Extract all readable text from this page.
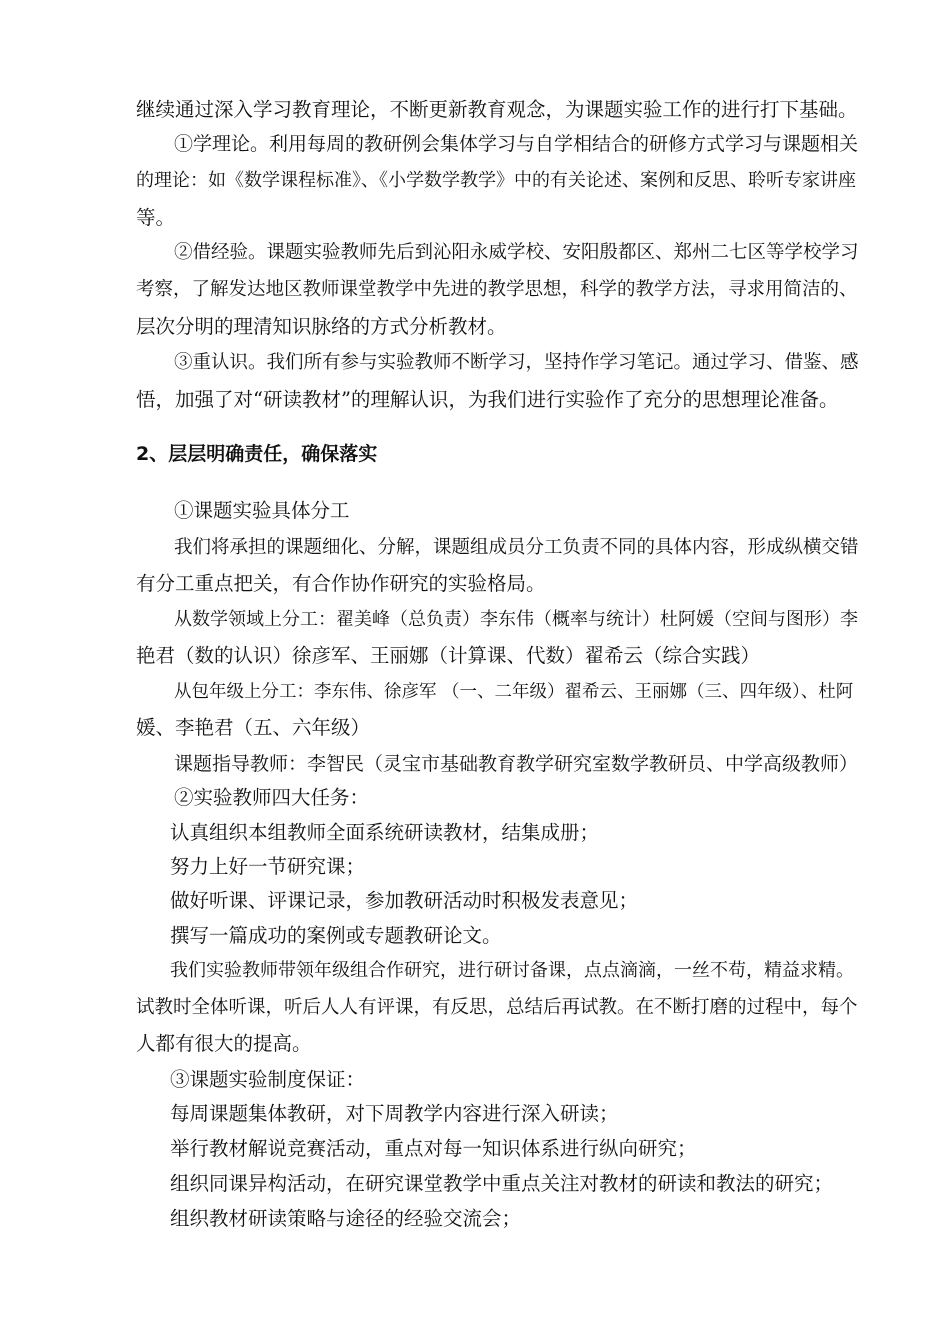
继续通过深入学习教育理论，不断更新教育观念，为课题实验工作的进行打下基础。
①学理论。利用每周的教研例会集体学习与自学相结合的研修方式学习与课题相关
的理论：如《数学课程标准》、《小学数学教学》中的有关论述、案例和反思、聆听专家讲座
等。
②借经验。课题实验教师先后到沁阳永威学校、安阳殷都区、郑州二七区等学校学习
考察，了解发达地区教师课堂教学中先进的教学思想，科学的教学方法，寻求用简洁的、
层次分明的理清知识脉络的方式分析教材。
③重认识。我们所有参与实验教师不断学习，坚持作学习笔记。通过学习、借鉴、感
悟，加强了对“研读教材”的理解认识，为我们进行实验作了充分的思想理论准备。
2、层层明确责任，确保落实
①课题实验具体分工
我们将承担的课题细化、分解，课题组成员分工负责不同的具体内容，形成纵横交错
有分工重点把关，有合作协作研究的实验格局。
从数学领域上分工：翟美峰（总负责）李东伟（概率与统计）杜阿媛（空间与图形）李
艳君（数的认识）徐彦军、王丽娜（计算课、代数）翟希云（综合实践）
从包年级上分工：李东伟、徐彦军 （一、二年级）翟希云、王丽娜（三、四年级）、杜阿
媛、李艳君（五、六年级）
课题指导教师：李智民（灵宝市基础教育教学研究室数学教研员、中学高级教师）
②实验教师四大任务：
认真组织本组教师全面系统研读教材，结集成册；
努力上好一节研究课；
做好听课、评课记录，参加教研活动时积极发表意见；
撰写一篇成功的案例或专题教研论文。
我们实验教师带领年级组合作研究，进行研讨备课，点点滴滴，一丝不苟，精益求精。
试教时全体听课，听后人人有评课，有反思，总结后再试教。在不断打磨的过程中，每个
人都有很大的提高。
③课题实验制度保证：
每周课题集体教研，对下周教学内容进行深入研读；
举行教材解说竞赛活动，重点对每一知识体系进行纵向研究；
组织同课异构活动，在研究课堂教学中重点关注对教材的研读和教法的研究；
组织教材研读策略与途径的经验交流会；
